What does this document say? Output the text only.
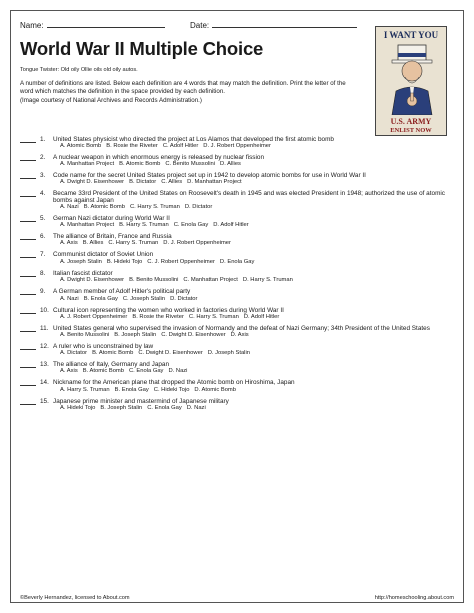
Name:	Date:
World War II Multiple Choice
Tongue Twister: Old oily Ollie oils old oily autos.
A number of definitions are listed. Below each definition are 4 words that may match the definition. Print the letter of the word which matches the definition in the space provided by each definition.
(Image courtesy of National Archives and Records Administration.)
I WANT YOU
U.S. ARMY
ENLIST NOW
1.	United States physicist who directed the project at Los Alamos that developed the first atomic bomb
A. Atomic Bomb B. Rosie the Riveter C. Adolf Hitler D. J. Robert Oppenheimer
2.	A nuclear weapon in which enormous energy is released by nuclear fission
A. Manhattan Project B. Atomic Bomb C. Benito Mussolini D. Allies
3.	Code name for the secret United States project set up in 1942 to develop atomic bombs for use in World War II
A. Dwight D. Eisenhower B. Dictator C. Allies D. Manhattan Project
4.	Became 33rd President of the United States on Roosevelt's death in 1945 and was elected President in 1948; authorized the use of atomic bombs against Japan
A. Nazi B. Atomic Bomb C. Harry S. Truman D. Dictator
5.	German Nazi dictator during World War II
A. Manhattan Project B. Harry S. Truman C. Enola Gay D. Adolf Hitler
6.	The alliance of Britain, France and Russia
A. Axis B. Allies C. Harry S. Truman D. J. Robert Oppenheimer
7.	Communist dictator of Soviet Union
A. Joseph Stalin B. Hideki Tojo C. J. Robert Oppenheimer D. Enola Gay
8.	Italian fascist dictator
A. Dwight D. Eisenhower B. Benito Mussolini C. Manhattan Project D. Harry S. Truman
9.	A German member of Adolf Hitler's political party
A. Nazi B. Enola Gay C. Joseph Stalin D. Dictator
10. Cultural icon representing the women who worked in factories during World War II
A. J. Robert Oppenheimer B. Rosie the Riveter C. Harry S. Truman D. Adolf Hitler
11. United States general who supervised the invasion of Normandy and the defeat of Nazi Germany; 34th President of the United States
A. Benito Mussolini B. Joseph Stalin C. Dwight D. Eisenhower D. Axis
12. A ruler who is unconstrained by law
A. Dictator B. Atomic Bomb C. Dwight D. Eisenhower D. Joseph Stalin
13. The alliance of Italy, Germany and Japan
A. Axis B. Atomic Bomb C. Enola Gay D. Nazi
14. Nickname for the American plane that dropped the Atomic bomb on Hiroshima, Japan
A. Harry S. Truman B. Enola Gay C. Hideki Tojo D. Atomic Bomb
15. Japanese prime minister and mastermind of Japanese military
A. Hideki Tojo B. Joseph Stalin C. Enola Gay D. Nazi
©Beverly Hernandez, licensed to About.com	http://homeschooling.about.com
